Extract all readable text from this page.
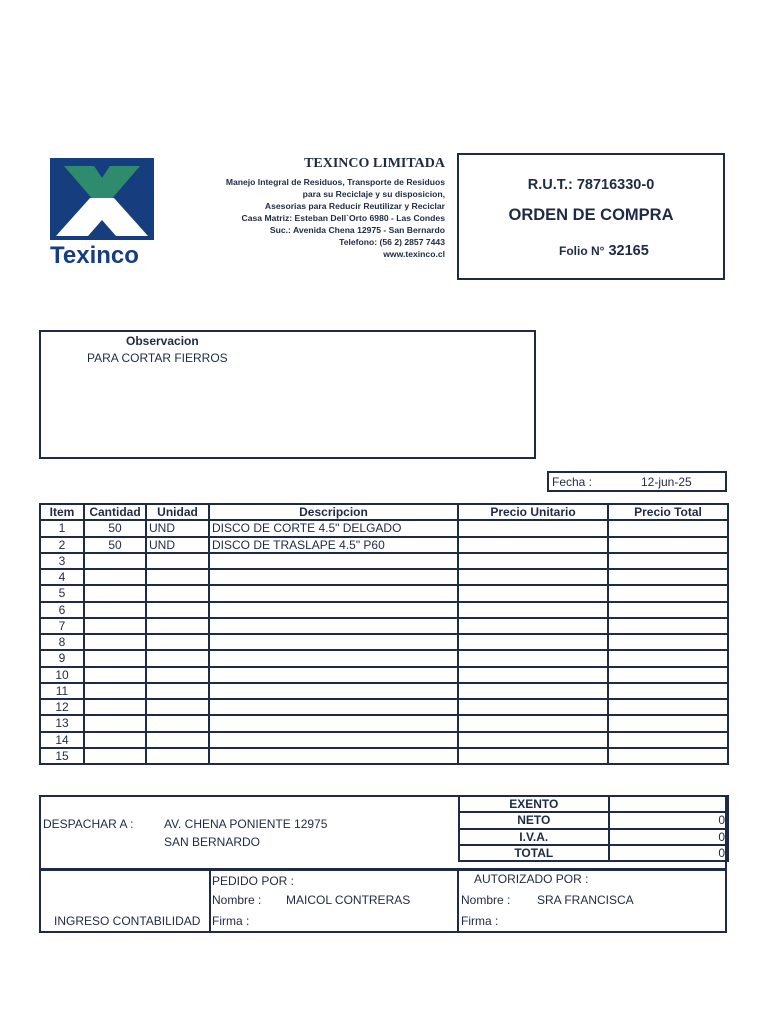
Texinco
TEXINCO LIMITADA
Manejo Integral de Residuos, Transporte de Residuos
para su Reciclaje y su disposicion,
Asesorias para Reducir Reutilizar y Reciclar
Casa Matriz: Esteban Dell`Orto 6980 - Las Condes
Suc.: Avenida Chena 12975 - San Bernardo
Telefono: (56 2) 2857 7443
www.texinco.cl
R.U.T.: 78716330-0
ORDEN DE COMPRA
Folio N° 32165
Observacion
PARA CORTAR FIERROS
Fecha :	12-jun-25
Item	Cantidad	Unidad	Descripcion	Precio Unitario	Precio Total
1	50	UND	DISCO DE CORTE 4.5" DELGADO		
2	50	UND	DISCO DE TRASLAPE 4.5" P60		
3					
4					
5					
6					
7					
8					
9					
10					
11					
12					
13					
14					
15					
DESPACHAR A :	AV. CHENA PONIENTE 12975
SAN BERNARDO
EXENTO	
NETO	0
I.V.A.	0
TOTAL	0
INGRESO CONTABILIDAD
PEDIDO POR :
Nombre : MAICOL CONTRERAS
Firma :
AUTORIZADO POR :
Nombre : SRA FRANCISCA
Firma :
